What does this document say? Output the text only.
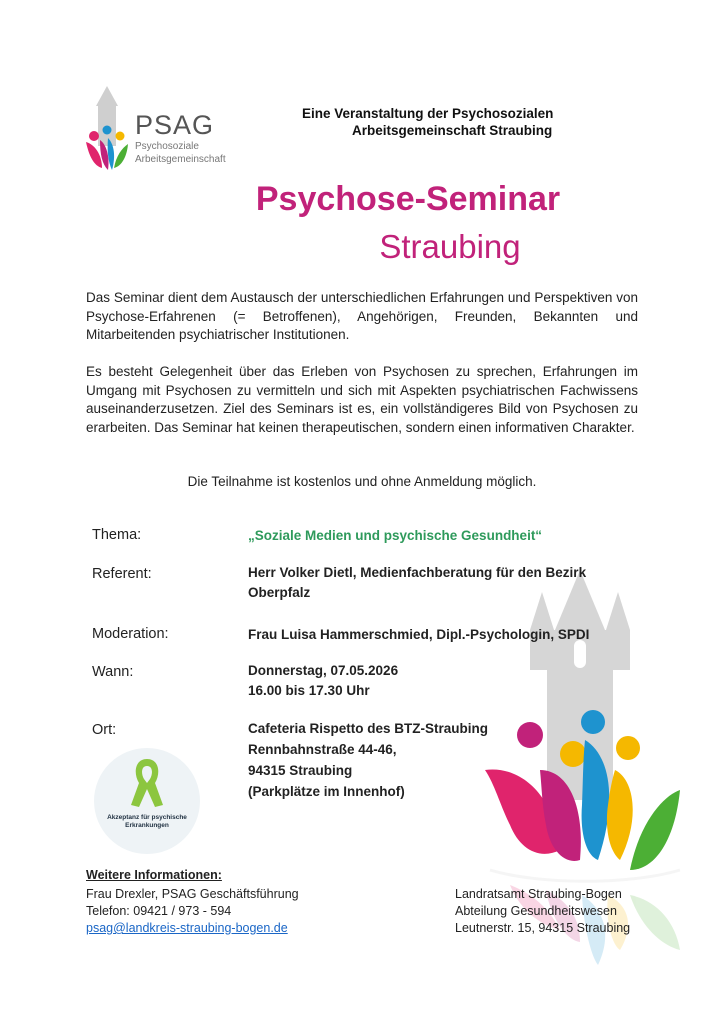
PSAG
Psychosoziale
Arbeitsgemeinschaft
Eine Veranstaltung der Psychosozialen
Arbeitsgemeinschaft Straubing
Psychose-Seminar
Straubing
Das Seminar dient dem Austausch der unterschiedlichen Erfahrungen und Perspektiven von Psychose-Erfahrenen (= Betroffenen), Angehörigen, Freunden, Bekannten und Mitarbeitenden psychiatrischer Institutionen.
Es besteht Gelegenheit über das Erleben von Psychosen zu sprechen, Erfahrungen im Umgang mit Psychosen zu vermitteln und sich mit Aspekten psychiatrischen Fachwissens auseinanderzusetzen. Ziel des Seminars ist es, ein vollständigeres Bild von Psychosen zu erarbeiten. Das Seminar hat keinen therapeutischen, sondern einen informativen Charakter.
Die Teilnahme ist kostenlos und ohne Anmeldung möglich.
Thema:	„Soziale Medien und psychische Gesundheit“
Referent:	Herr Volker Dietl, Medienfachberatung für den Bezirk
Oberpfalz
Moderation:	Frau Luisa Hammerschmied, Dipl.-Psychologin, SPDI
Wann:	Donnerstag, 07.05.2026
16.00 bis 17.30 Uhr
Ort:	Cafeteria Rispetto des BTZ-Straubing
Rennbahnstraße 44-46,
94315 Straubing
(Parkplätze im Innenhof)
Akzeptanz für psychische
Erkrankungen
Weitere Informationen:
Frau Drexler, PSAG Geschäftsführung
Telefon: 09421 / 973 - 594
psag@landkreis-straubing-bogen.de
Landratsamt Straubing-Bogen
Abteilung Gesundheitswesen
Leutnerstr. 15, 94315 Straubing
